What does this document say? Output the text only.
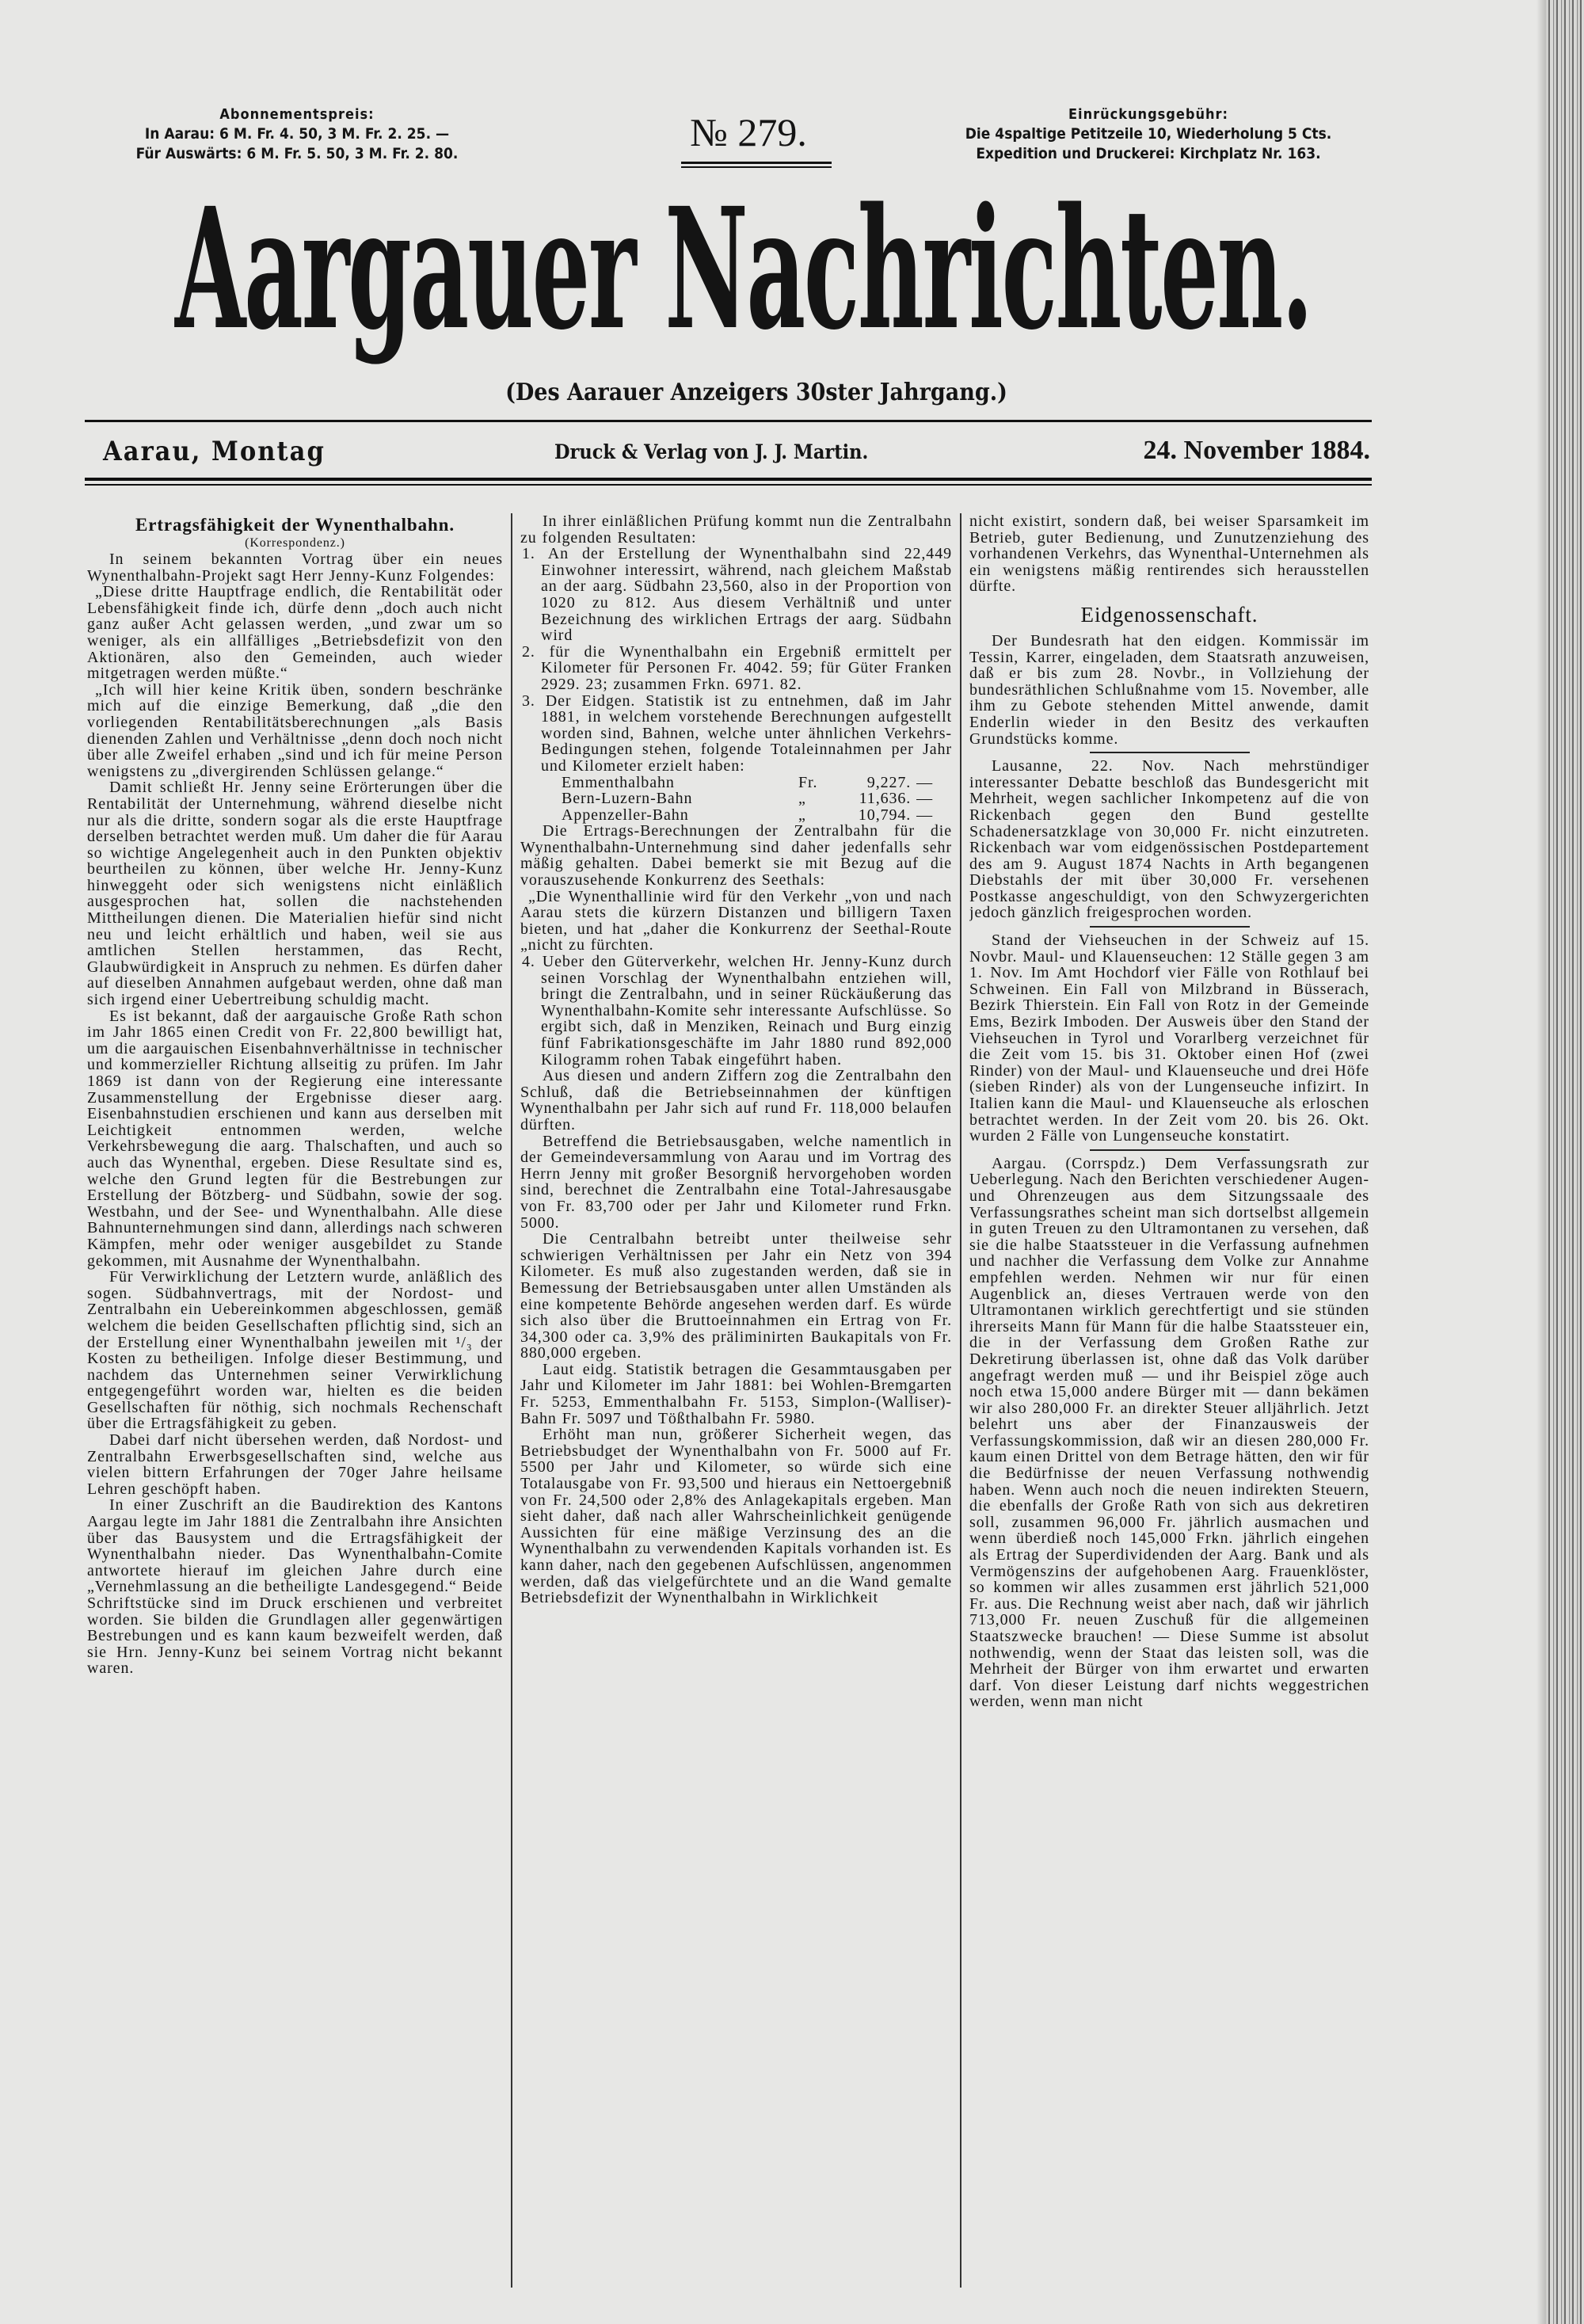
Abonnementspreis:
In Aarau: 6 M. Fr. 4. 50, 3 M. Fr. 2. 25. —
Für Auswärts: 6 M. Fr. 5. 50, 3 M. Fr. 2. 80.	№ 279.	Einrückungsgebühr:
Die 4spaltige Petitzeile 10, Wiederholung 5 Cts.
Expedition und Druckerei: Kirchplatz Nr. 163.
Aargauer Nachrichten.
(Des Aarauer Anzeigers 30ster Jahrgang.)
Aarau, Montag	Druck & Verlag von J. J. Martin.	24. November 1884.

Ertragsfähigkeit der Wynenthalbahn.

(Korrespondenz.)

In seinem bekannten Vortrag über ein neues Wynenthalbahn-Projekt sagt Herr Jenny-Kunz Folgendes:

„Diese dritte Hauptfrage endlich, die Rentabilität oder Lebensfähigkeit finde ich, dürfe denn „doch auch nicht ganz außer Acht gelassen werden, „und zwar um so weniger, als ein allfälliges „Betriebsdefizit von den Aktionären, also den Gemeinden, auch wieder mitgetragen werden müßte.“

„Ich will hier keine Kritik üben, sondern beschränke mich auf die einzige Bemerkung, daß „die den vorliegenden Rentabilitätsberechnungen „als Basis dienenden Zahlen und Verhältnisse „denn doch noch nicht über alle Zweifel erhaben „sind und ich für meine Person wenigstens zu „divergirenden Schlüssen gelange.“

Damit schließt Hr. Jenny seine Erörterungen über die Rentabilität der Unternehmung, während dieselbe nicht nur als die dritte, sondern sogar als die erste Hauptfrage derselben betrachtet werden muß. Um daher die für Aarau so wichtige Angelegenheit auch in den Punkten objektiv beurtheilen zu können, über welche Hr. Jenny-Kunz hinweggeht oder sich wenigstens nicht einläßlich ausgesprochen hat, sollen die nachstehenden Mittheilungen dienen. Die Materialien hiefür sind nicht neu und leicht erhältlich und haben, weil sie aus amtlichen Stellen herstammen, das Recht, Glaubwürdigkeit in Anspruch zu nehmen. Es dürfen daher auf dieselben Annahmen aufgebaut werden, ohne daß man sich irgend einer Uebertreibung schuldig macht.

Es ist bekannt, daß der aargauische Große Rath schon im Jahr 1865 einen Credit von Fr. 22,800 bewilligt hat, um die aargauischen Eisenbahnverhältnisse in technischer und kommerzieller Richtung allseitig zu prüfen. Im Jahr 1869 ist dann von der Regierung eine interessante Zusammenstellung der Ergebnisse dieser aarg. Eisenbahnstudien erschienen und kann aus derselben mit Leichtigkeit entnommen werden, welche Verkehrsbewegung die aarg. Thalschaften, und auch so auch das Wynenthal, ergeben. Diese Resultate sind es, welche den Grund legten für die Bestrebungen zur Erstellung der Bötzberg- und Südbahn, sowie der sog. Westbahn, und der See- und Wynenthalbahn. Alle diese Bahnunternehmungen sind dann, allerdings nach schweren Kämpfen, mehr oder weniger ausgebildet zu Stande gekommen, mit Ausnahme der Wynenthalbahn.

Für Verwirklichung der Letztern wurde, anläßlich des sogen. Südbahnvertrags, mit der Nordost- und Zentralbahn ein Uebereinkommen abgeschlossen, gemäß welchem die beiden Gesellschaften pflichtig sind, sich an der Erstellung einer Wynenthalbahn jeweilen mit ¹/₃ der Kosten zu betheiligen. Infolge dieser Bestimmung, und nachdem das Unternehmen seiner Verwirklichung entgegengeführt worden war, hielten es die beiden Gesellschaften für nöthig, sich nochmals Rechenschaft über die Ertragsfähigkeit zu geben.

Dabei darf nicht übersehen werden, daß Nordost- und Zentralbahn Erwerbsgesellschaften sind, welche aus vielen bittern Erfahrungen der 70ger Jahre heilsame Lehren geschöpft haben.

In einer Zuschrift an die Baudirektion des Kantons Aargau legte im Jahr 1881 die Zentralbahn ihre Ansichten über das Bausystem und die Ertragsfähigkeit der Wynenthalbahn nieder. Das Wynenthalbahn-Comite antwortete hierauf im gleichen Jahre durch eine „Vernehmlassung an die betheiligte Landesgegend.“ Beide Schriftstücke sind im Druck erschienen und verbreitet worden. Sie bilden die Grundlagen aller gegenwärtigen Bestrebungen und es kann kaum bezweifelt werden, daß sie Hrn. Jenny-Kunz bei seinem Vortrag nicht bekannt waren.

In ihrer einläßlichen Prüfung kommt nun die Zentralbahn zu folgenden Resultaten:

1. An der Erstellung der Wynenthalbahn sind 22,449 Einwohner interessirt, während, nach gleichem Maßstab an der aarg. Südbahn 23,560, also in der Proportion von 1020 zu 812. Aus diesem Verhältniß und unter Bezeichnung des wirklichen Ertrags der aarg. Südbahn wird

2. für die Wynenthalbahn ein Ergebniß ermittelt per Kilometer für Personen Fr. 4042. 59; für Güter Franken 2929. 23; zusammen Frkn. 6971. 82.

3. Der Eidgen. Statistik ist zu entnehmen, daß im Jahr 1881, in welchem vorstehende Berechnungen aufgestellt worden sind, Bahnen, welche unter ähnlichen Verkehrs-Bedingungen stehen, folgende Totaleinnahmen per Jahr und Kilometer erzielt haben:

Emmenthalbahn	Fr.	9,227. —
Bern-Luzern-Bahn	„	11,636. —
Appenzeller-Bahn	„	10,794. —

Die Ertrags-Berechnungen der Zentralbahn für die Wynenthalbahn-Unternehmung sind daher jedenfalls sehr mäßig gehalten. Dabei bemerkt sie mit Bezug auf die vorauszusehende Konkurrenz des Seethals:

„Die Wynenthallinie wird für den Verkehr „von und nach Aarau stets die kürzern Distanzen und billigern Taxen bieten, und hat „daher die Konkurrenz der Seethal-Route „nicht zu fürchten.

4. Ueber den Güterverkehr, welchen Hr. Jenny-Kunz durch seinen Vorschlag der Wynenthalbahn entziehen will, bringt die Zentralbahn, und in seiner Rückäußerung das Wynenthalbahn-Komite sehr interessante Aufschlüsse. So ergibt sich, daß in Menziken, Reinach und Burg einzig fünf Fabrikationsgeschäfte im Jahr 1880 rund 892,000 Kilogramm rohen Tabak eingeführt haben.

Aus diesen und andern Ziffern zog die Zentralbahn den Schluß, daß die Betriebseinnahmen der künftigen Wynenthalbahn per Jahr sich auf rund Fr. 118,000 belaufen dürften.

Betreffend die Betriebsausgaben, welche namentlich in der Gemeindeversammlung von Aarau und im Vortrag des Herrn Jenny mit großer Besorgniß hervorgehoben worden sind, berechnet die Zentralbahn eine Total-Jahresausgabe von Fr. 83,700 oder per Jahr und Kilometer rund Frkn. 5000.

Die Centralbahn betreibt unter theilweise sehr schwierigen Verhältnissen per Jahr ein Netz von 394 Kilometer. Es muß also zugestanden werden, daß sie in Bemessung der Betriebsausgaben unter allen Umständen als eine kompetente Behörde angesehen werden darf. Es würde sich also über die Bruttoeinnahmen ein Ertrag von Fr. 34,300 oder ca. 3,9% des präliminirten Baukapitals von Fr. 880,000 ergeben.

Laut eidg. Statistik betragen die Gesammtausgaben per Jahr und Kilometer im Jahr 1881: bei Wohlen-Bremgarten Fr. 5253, Emmenthalbahn Fr. 5153, Simplon-(Walliser)-Bahn Fr. 5097 und Tößthalbahn Fr. 5980.

Erhöht man nun, größerer Sicherheit wegen, das Betriebsbudget der Wynenthalbahn von Fr. 5000 auf Fr. 5500 per Jahr und Kilometer, so würde sich eine Totalausgabe von Fr. 93,500 und hieraus ein Nettoergebniß von Fr. 24,500 oder 2,8% des Anlagekapitals ergeben. Man sieht daher, daß nach aller Wahrscheinlichkeit genügende Aussichten für eine mäßige Verzinsung des an die Wynenthalbahn zu verwendenden Kapitals vorhanden ist. Es kann daher, nach den gegebenen Aufschlüssen, angenommen werden, daß das vielgefürchtete und an die Wand gemalte Betriebsdefizit der Wynenthalbahn in Wirklichkeit

nicht existirt, sondern daß, bei weiser Sparsamkeit im Betrieb, guter Bedienung, und Zunutzenziehung des vorhandenen Verkehrs, das Wynenthal-Unternehmen als ein wenigstens mäßig rentirendes sich herausstellen dürfte.

Eidgenossenschaft.

Der Bundesrath hat den eidgen. Kommissär im Tessin, Karrer, eingeladen, dem Staatsrath anzuweisen, daß er bis zum 28. Novbr., in Vollziehung der bundesräthlichen Schlußnahme vom 15. November, alle ihm zu Gebote stehenden Mittel anwende, damit Enderlin wieder in den Besitz des verkauften Grundstücks komme.

Lausanne, 22. Nov. Nach mehrstündiger interessanter Debatte beschloß das Bundesgericht mit Mehrheit, wegen sachlicher Inkompetenz auf die von Rickenbach gegen den Bund gestellte Schadenersatzklage von 30,000 Fr. nicht einzutreten. Rickenbach war vom eidgenössischen Postdepartement des am 9. August 1874 Nachts in Arth begangenen Diebstahls der mit über 30,000 Fr. versehenen Postkasse angeschuldigt, von den Schwyzergerichten jedoch gänzlich freigesprochen worden.

Stand der Viehseuchen in der Schweiz auf 15. Novbr. Maul- und Klauenseuchen: 12 Ställe gegen 3 am 1. Nov. Im Amt Hochdorf vier Fälle von Rothlauf bei Schweinen. Ein Fall von Milzbrand in Büsserach, Bezirk Thierstein. Ein Fall von Rotz in der Gemeinde Ems, Bezirk Imboden. Der Ausweis über den Stand der Viehseuchen in Tyrol und Vorarlberg verzeichnet für die Zeit vom 15. bis 31. Oktober einen Hof (zwei Rinder) von der Maul- und Klauenseuche und drei Höfe (sieben Rinder) als von der Lungenseuche infizirt. In Italien kann die Maul- und Klauenseuche als erloschen betrachtet werden. In der Zeit vom 20. bis 26. Okt. wurden 2 Fälle von Lungenseuche konstatirt.

Aargau. (Corrspdz.) Dem Verfassungsrath zur Ueberlegung. Nach den Berichten verschiedener Augen- und Ohrenzeugen aus dem Sitzungssaale des Verfassungsrathes scheint man sich dortselbst allgemein in guten Treuen zu den Ultramontanen zu versehen, daß sie die halbe Staatssteuer in die Verfassung aufnehmen und nachher die Verfassung dem Volke zur Annahme empfehlen werden. Nehmen wir nur für einen Augenblick an, dieses Vertrauen werde von den Ultramontanen wirklich gerechtfertigt und sie stünden ihrerseits Mann für Mann für die halbe Staatssteuer ein, die in der Verfassung dem Großen Rathe zur Dekretirung überlassen ist, ohne daß das Volk darüber angefragt werden muß — und ihr Beispiel zöge auch noch etwa 15,000 andere Bürger mit — dann bekämen wir also 280,000 Fr. an direkter Steuer alljährlich. Jetzt belehrt uns aber der Finanzausweis der Verfassungskommission, daß wir an diesen 280,000 Fr. kaum einen Drittel von dem Betrage hätten, den wir für die Bedürfnisse der neuen Verfassung nothwendig haben. Wenn auch noch die neuen indirekten Steuern, die ebenfalls der Große Rath von sich aus dekretiren soll, zusammen 96,000 Fr. jährlich ausmachen und wenn überdieß noch 145,000 Frkn. jährlich eingehen als Ertrag der Superdividenden der Aarg. Bank und als Vermögenszins der aufgehobenen Aarg. Frauenklöster, so kommen wir alles zusammen erst jährlich 521,000 Fr. aus. Die Rechnung weist aber nach, daß wir jährlich 713,000 Fr. neuen Zuschuß für die allgemeinen Staatszwecke brauchen! — Diese Summe ist absolut nothwendig, wenn der Staat das leisten soll, was die Mehrheit der Bürger von ihm erwartet und erwarten darf. Von dieser Leistung darf nichts weggestrichen werden, wenn man nicht
